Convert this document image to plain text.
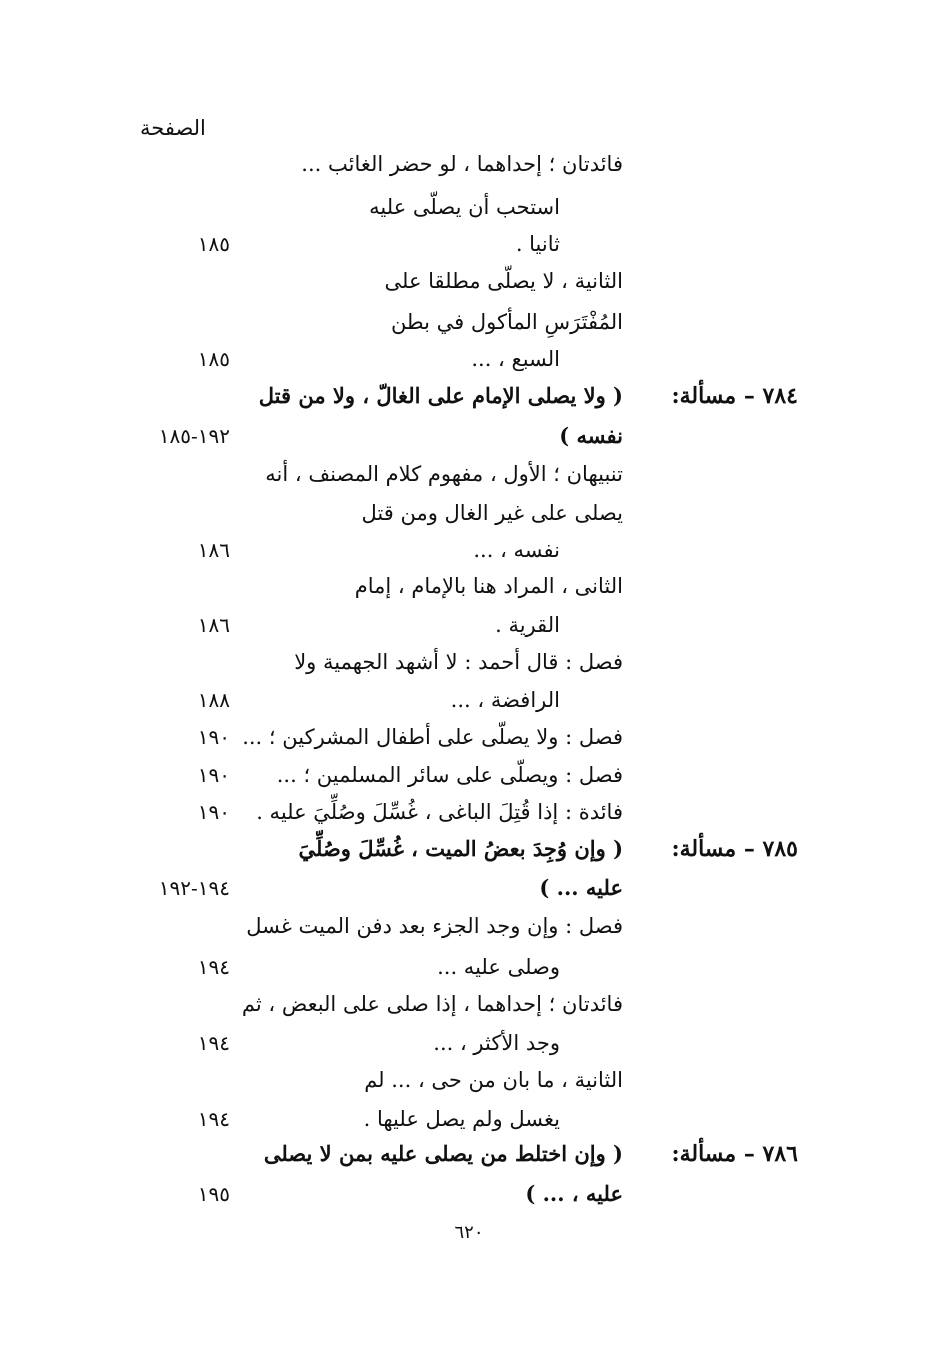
الصفحة
فائدتان ؛ إحداهما ، لو حضر الغائب ...
استحب أن يصلّى عليه
ثانيا .
١٨٥
الثانية ، لا يصلّى مطلقا على
المُفْتَرَسِ المأكول في بطن
السبع ، ...
١٨٥
( ولا يصلى الإمام على الغالّ ، ولا من قتل ٧٨٤ – مسألة:
نفسه )
١٩٢-١٨٥
تنبيهان ؛ الأول ، مفهوم كلام المصنف ، أنه
يصلى على غير الغال ومن قتل
نفسه ، ...
١٨٦
الثانى ، المراد هنا بالإمام ، إمام
القرية .
١٨٦
فصل : قال أحمد : لا أشهد الجهمية ولا
الرافضة ، ...
١٨٨
فصل : ولا يصلّى على أطفال المشركين ؛ ...
١٩٠
فصل : ويصلّى على سائر المسلمين ؛ ...
١٩٠
فائدة : إذا قُتِلَ الباغى ، غُسِّلَ وصُلِّيَ عليه .
١٩٠
( وإن وُجِدَ بعضُ الميت ، غُسِّلَ وصُلِّيَ ٧٨٥ – مسألة:
عليه ... )
١٩٤-١٩٢
فصل : وإن وجد الجزء بعد دفن الميت غسل
وصلى عليه ...
١٩٤
فائدتان ؛ إحداهما ، إذا صلى على البعض ، ثم
وجد الأكثر ، ...
١٩٤
الثانية ، ما بان من حى ، ... لم
يغسل ولم يصل عليها .
١٩٤
( وإن اختلط من يصلى عليه بمن لا يصلى ٧٨٦ – مسألة:
عليه ، ... )
١٩٥
٦٢٠
